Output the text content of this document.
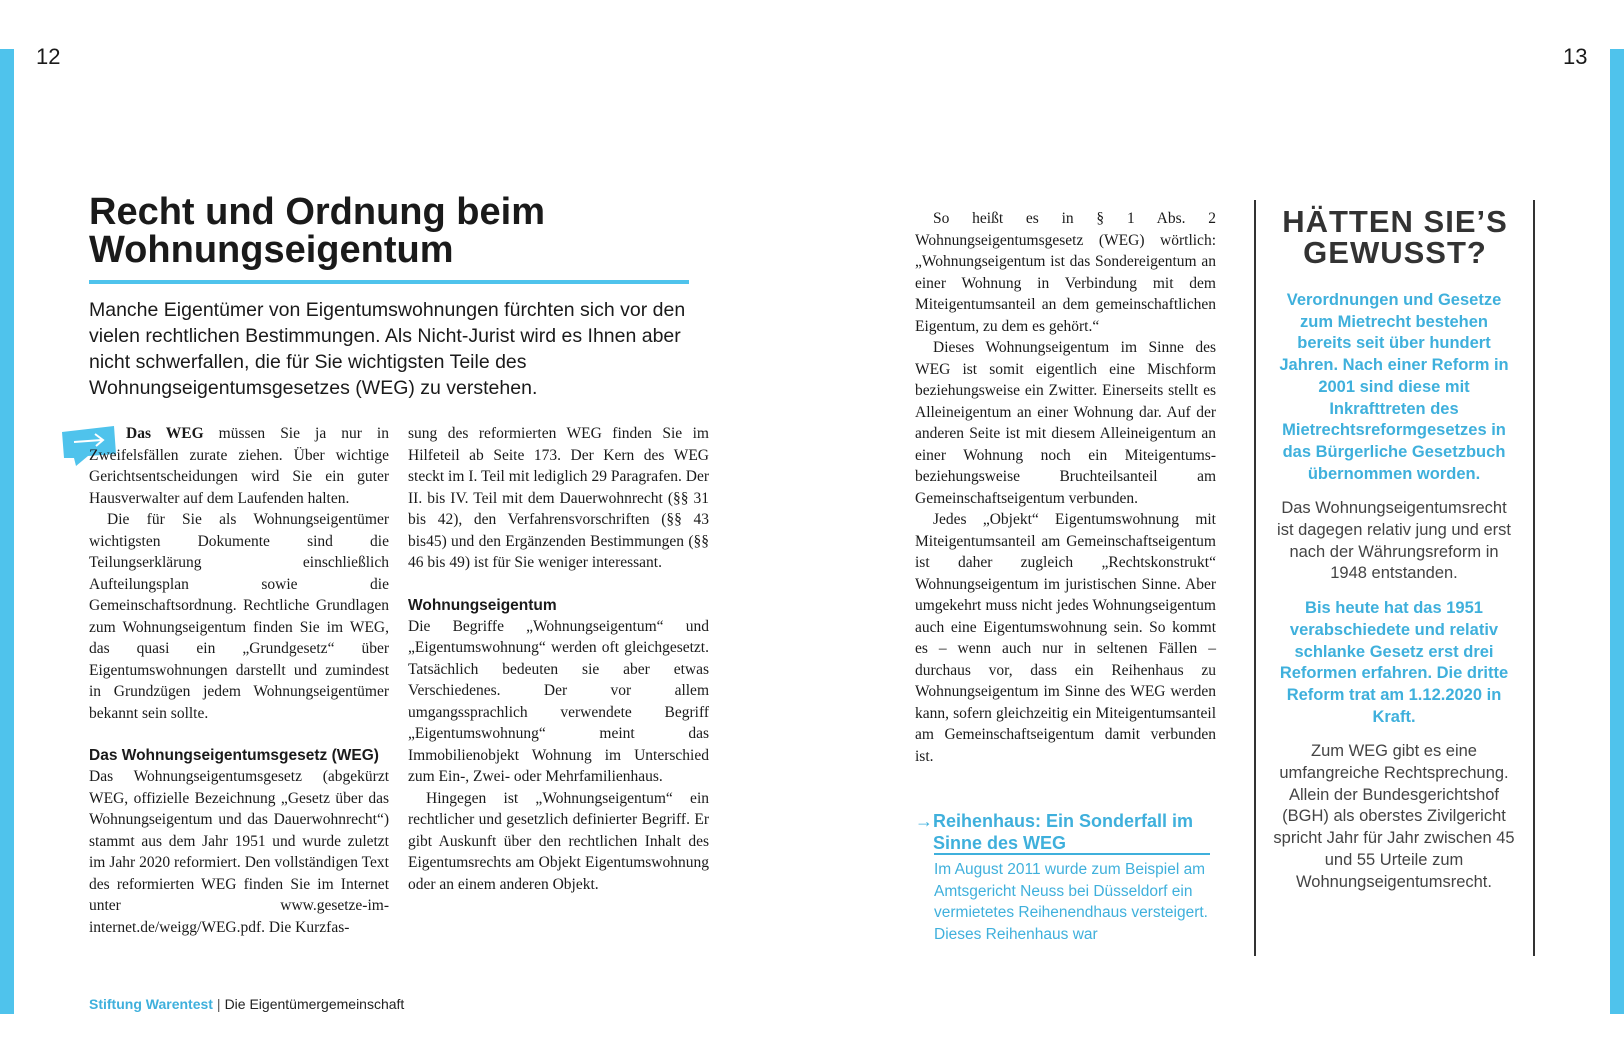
12	13
Recht und Ordnung beim Wohnungseigentum

Manche Eigentümer von Eigentumswohnungen fürchten sich vor den vielen rechtlichen Bestimmungen. Als Nicht-Jurist wird es Ihnen aber nicht schwerfallen, die für Sie wichtigsten Teile des Wohnungseigentumsgesetzes (WEG) zu verstehen.

Das WEG müssen Sie ja nur in Zweifelsfällen zurate ziehen. Über wichtige Gerichtsentscheidungen wird Sie ein guter Hausverwalter auf dem Laufenden halten.

Die für Sie als Wohnungseigentümer wichtigsten Dokumente sind die Teilungserklärung einschließlich Aufteilungsplan sowie die Gemeinschaftsordnung. Rechtliche Grundlagen zum Wohnungseigentum finden Sie im WEG, das quasi ein „Grundgesetz“ über Eigentumswohnungen darstellt und zumindest in Grundzügen jedem Wohnungseigentümer bekannt sein sollte.

Das Wohnungseigentumsgesetz (WEG)

Das Wohnungseigentumsgesetz (abgekürzt WEG, offizielle Bezeichnung „Gesetz über das Wohnungseigentum und das Dauerwohnrecht“) stammt aus dem Jahr 1951 und wurde zuletzt im Jahr 2020 reformiert. Den vollständigen Text des reformierten WEG finden Sie im Internet unter www.gesetze-im-internet.de/weigg/WEG.pdf. Die Kurzfas-

sung des reformierten WEG finden Sie im Hilfeteil ab Seite 173. Der Kern des WEG steckt im I. Teil mit lediglich 29 Paragrafen. Der II. bis IV. Teil mit dem Dauerwohnrecht (§§ 31 bis 42), den Verfahrensvorschriften (§§ 43 bis45) und den Ergänzenden Bestimmungen (§§ 46 bis 49) ist für Sie weniger interessant.

Wohnungseigentum

Die Begriffe „Wohnungseigentum“ und „Eigentumswohnung“ werden oft gleichgesetzt. Tatsächlich bedeuten sie aber etwas Verschiedenes. Der vor allem umgangssprachlich verwendete Begriff „Eigentumswohnung“ meint das Immobilienobjekt Wohnung im Unterschied zum Ein-, Zwei- oder Mehrfamilienhaus.

Hingegen ist „Wohnungseigentum“ ein rechtlicher und gesetzlich definierter Begriff. Er gibt Auskunft über den rechtlichen Inhalt des Eigentumsrechts am Objekt Eigentumswohnung oder an einem anderen Objekt.

So heißt es in § 1 Abs. 2 Wohnungseigentumsgesetz (WEG) wörtlich: „Wohnungseigentum ist das Sondereigentum an einer Wohnung in Verbindung mit dem Miteigentumsanteil an dem gemeinschaftlichen Eigentum, zu dem es gehört.“

Dieses Wohnungseigentum im Sinne des WEG ist somit eigentlich eine Mischform beziehungsweise ein Zwitter. Einerseits stellt es Alleineigentum an einer Wohnung dar. Auf der anderen Seite ist mit diesem Alleineigentum an einer Wohnung noch ein Miteigentums- beziehungsweise Bruchteilsanteil am Gemeinschaftseigentum verbunden.

Jedes „Objekt“ Eigentumswohnung mit Miteigentumsanteil am Gemeinschaftseigentum ist daher zugleich „Rechtskonstrukt“ Wohnungseigentum im juristischen Sinne. Aber umgekehrt muss nicht jedes Wohnungseigentum auch eine Eigentumswohnung sein. So kommt es – wenn auch nur in seltenen Fällen – durchaus vor, dass ein Reihenhaus zu Wohnungseigentum im Sinne des WEG werden kann, sofern gleichzeitig ein Miteigentumsanteil am Gemeinschaftseigentum damit verbunden ist.

→Reihenhaus: Ein Sonderfall im Sinne des WEG

Im August 2011 wurde zum Beispiel am Amtsgericht Neuss bei Düsseldorf ein vermietetes Reihenendhaus versteigert. Dieses Reihenhaus war

HÄTTEN SIE’S GEWUSST?

Verordnungen und Gesetze zum Mietrecht bestehen bereits seit über hundert Jahren. Nach einer Reform in 2001 sind diese mit Inkrafttreten des Mietrechtsreformgesetzes in das Bürgerliche Gesetzbuch übernommen worden.

Das Wohnungseigentumsrecht ist dagegen relativ jung und erst nach der Währungsreform in 1948 entstanden.

Bis heute hat das 1951 verabschiedete und relativ schlanke Gesetz erst drei Reformen erfahren. Die dritte Reform trat am 1.12.2020 in Kraft.

Zum WEG gibt es eine umfangreiche Rechtsprechung. Allein der Bundesgerichtshof (BGH) als oberstes Zivilgericht spricht Jahr für Jahr zwischen 45 und 55 Urteile zum Wohnungseigentumsrecht.

Stiftung Warentest | Die Eigentümergemeinschaft
